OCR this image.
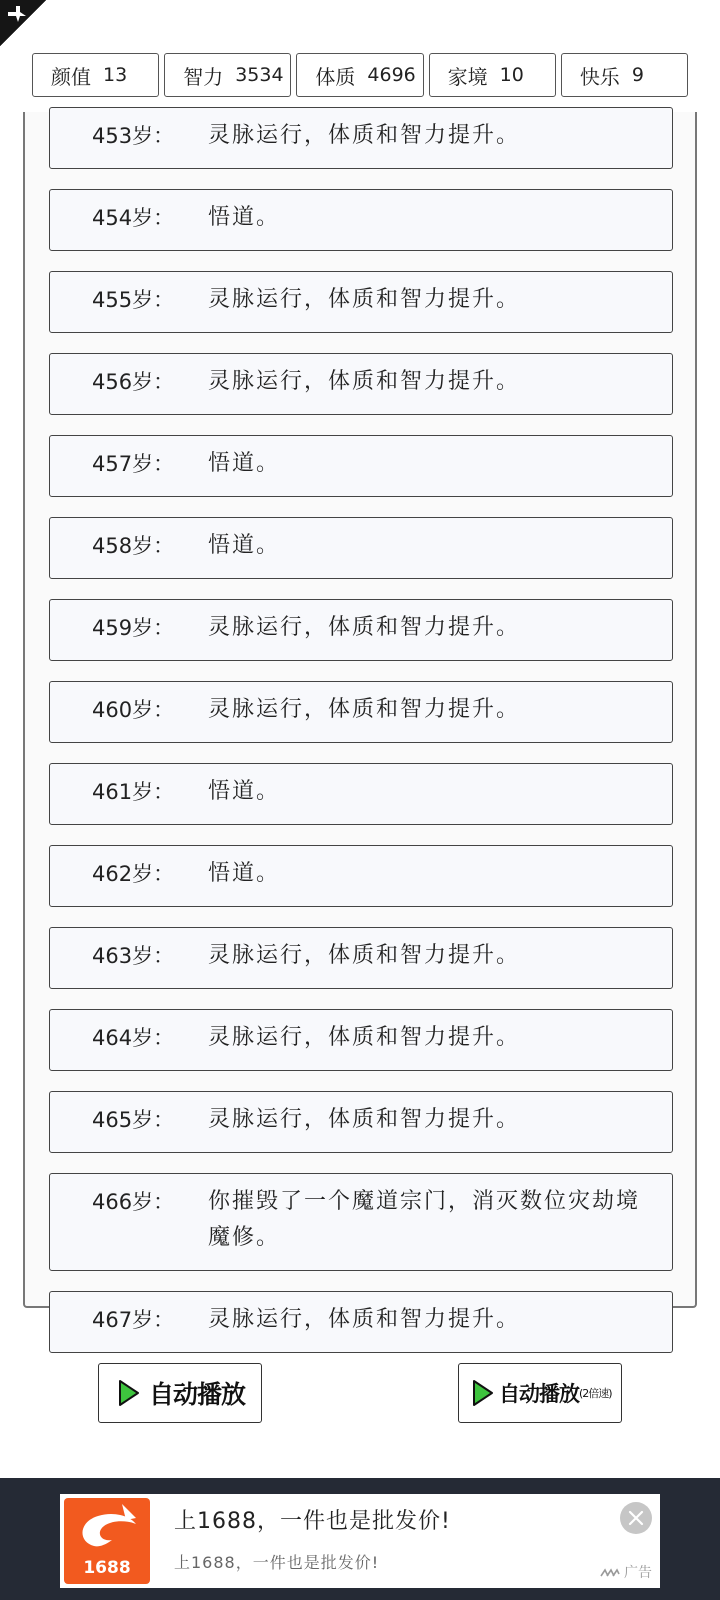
颜值 13	智力 3534 体质 4696 家境 10	快乐 9
453岁：	灵脉运行，体质和智力提升。
454岁：	悟道。
455岁：	灵脉运行，体质和智力提升。
456岁：	灵脉运行，体质和智力提升。
457岁：	悟道。
458岁：	悟道。
459岁：	灵脉运行，体质和智力提升。
460岁：	灵脉运行，体质和智力提升。
461岁：	悟道。
462岁：	悟道。
463岁：	灵脉运行，体质和智力提升。
464岁：	灵脉运行，体质和智力提升。
465岁：	灵脉运行，体质和智力提升。
466岁：	你摧毁了一个魔道宗门，消灭数位灾劫境魔修。
467岁：	灵脉运行，体质和智力提升。
自动播放	自动播放 (2倍速)
1688
上1688，一件也是批发价!
上1688，一件也是批发价!
广告
